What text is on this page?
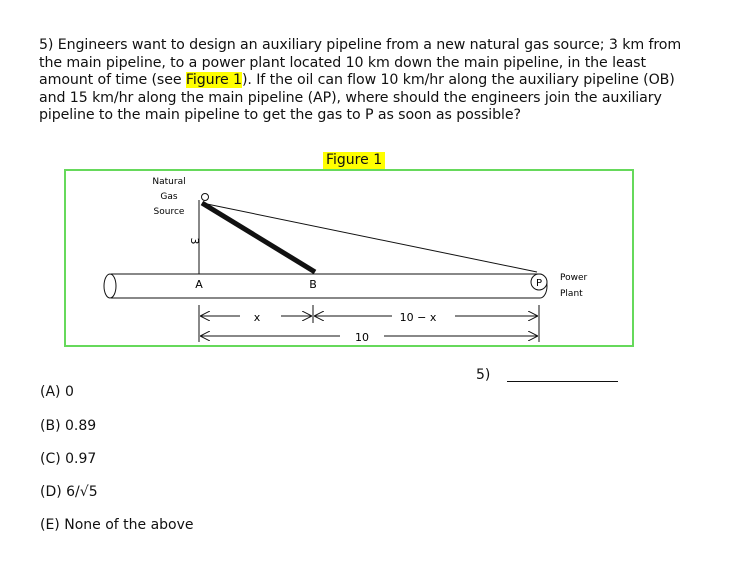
5) Engineers want to design an auxiliary pipeline from a new natural gas source; 3 km from the main pipeline, to a power plant located 10 km down the main pipeline, in the least amount of time (see Figure 1). If the oil can flow 10 km/hr along the auxiliary pipeline (OB) and 15 km/hr along the main pipeline (AP), where should the engineers join the auxiliary pipeline to the main pipeline to get the gas to P as soon as possible?
Figure 1
Natural
Gas
Source
3
A	B	P Power
Plant
x	10 − x
10
5)
(A) 0
(B) 0.89
(C) 0.97
(D) 6/√5
(E) None of the above
